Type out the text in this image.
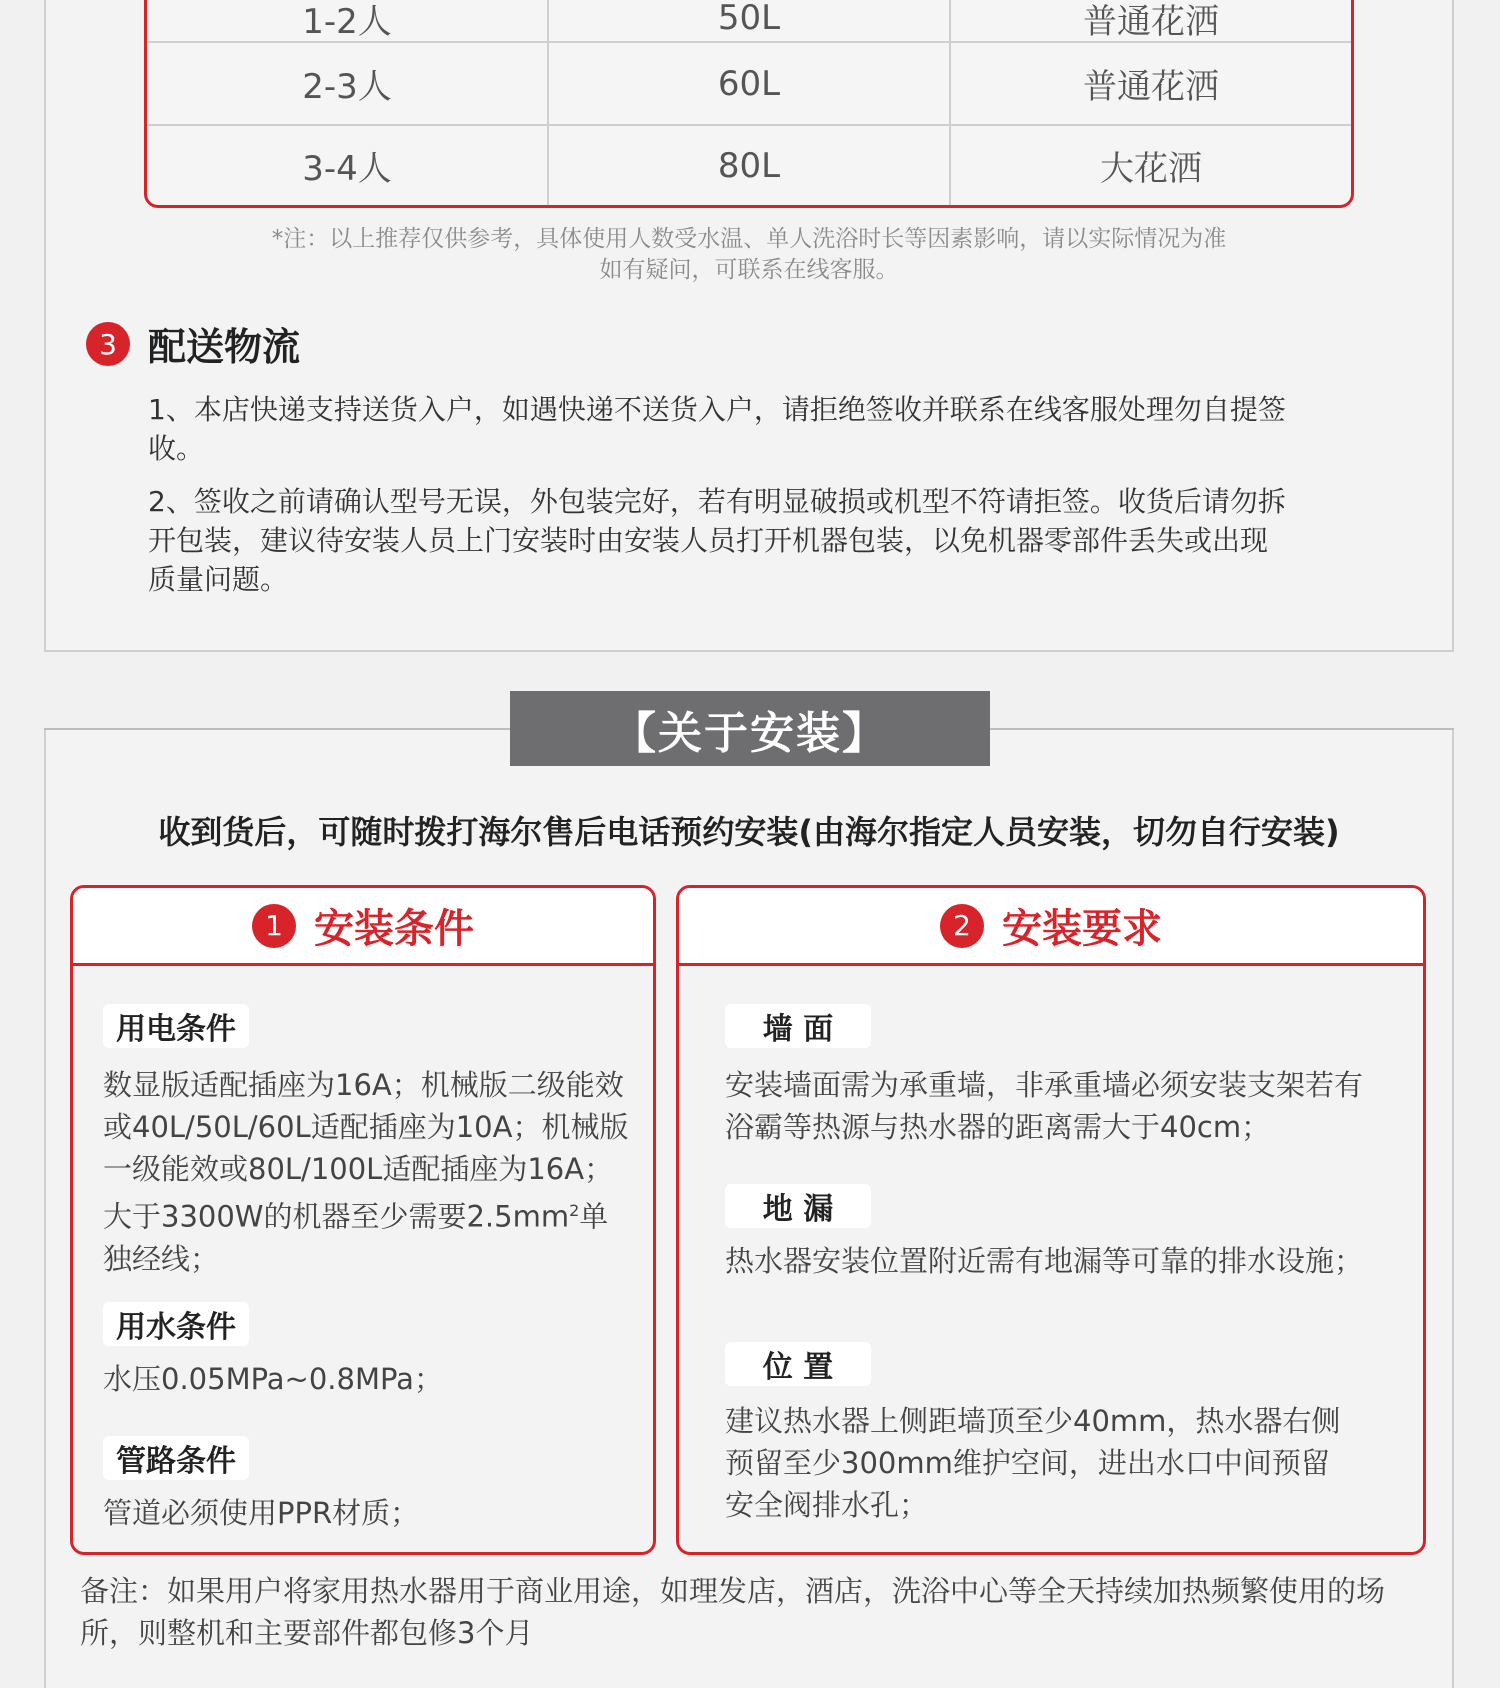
1-2人	50L	普通花洒
2-3人	60L	普通花洒
3-4人	80L	大花洒
*注：以上推荐仅供参考，具体使用人数受水温、单人洗浴时长等因素影响，请以实际情况为准
如有疑问，可联系在线客服。
3 配送物流
1、本店快递支持送货入户，如遇快递不送货入户，请拒绝签收并联系在线客服处理勿自提签收。
2、签收之前请确认型号无误，外包装完好，若有明显破损或机型不符请拒签。收货后请勿拆开包装，建议待安装人员上门安装时由安装人员打开机器包装，以免机器零部件丢失或出现质量问题。
【关于安装】
收到货后，可随时拨打海尔售后电话预约安装(由海尔指定人员安装，切勿自行安装)
1 安装条件
用电条件
数显版适配插座为16A；机械版二级能效或40L/50L/60L适配插座为10A；机械版一级能效或80L/100L适配插座为16A；大于3300W的机器至少需要$2.5mm^2$单独经线；
用水条件
水压0.05MPa~0.8MPa；
管路条件
管道必须使用PPR材质；
2 安装要求
墙 面
安装墙面需为承重墙，非承重墙必须安装支架若有浴霸等热源与热水器的距离需大于40cm；
地 漏
热水器安装位置附近需有地漏等可靠的排水设施；
位 置
建议热水器上侧距墙顶至少40mm，热水器右侧预留至少300mm维护空间，进出水口中间预留安全阀排水孔；
备注：如果用户将家用热水器用于商业用途，如理发店，酒店，洗浴中心等全天持续加热频繁使用的场所，则整机和主要部件都包修3个月
